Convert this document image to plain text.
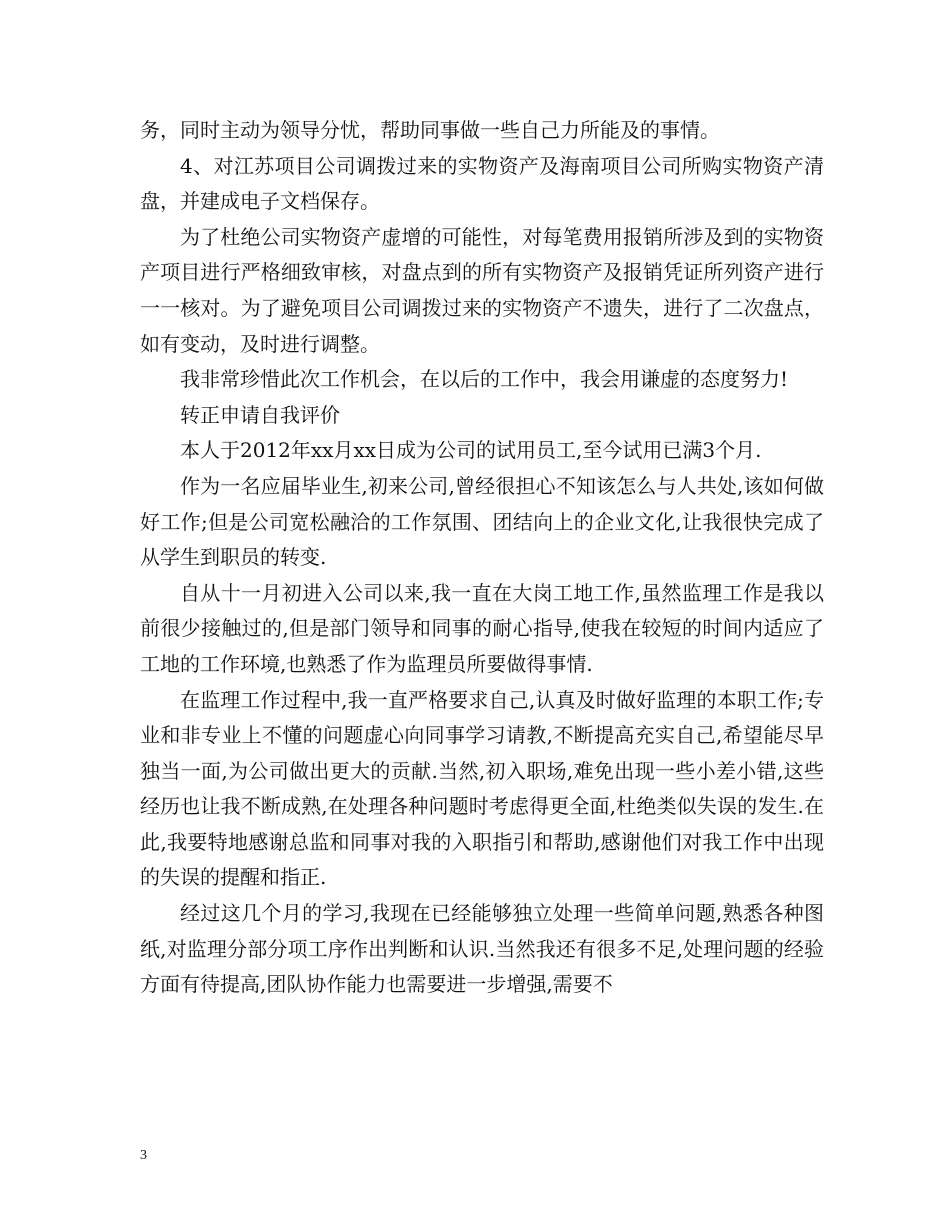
务，同时主动为领导分忧，帮助同事做一些自己力所能及的事情。

4、对江苏项目公司调拨过来的实物资产及海南项目公司所购实物资产清盘，并建成电子文档保存。

为了杜绝公司实物资产虚增的可能性，对每笔费用报销所涉及到的实物资产项目进行严格细致审核，对盘点到的所有实物资产及报销凭证所列资产进行一一核对。为了避免项目公司调拨过来的实物资产不遗失，进行了二次盘点，如有变动，及时进行调整。

我非常珍惜此次工作机会，在以后的工作中，我会用谦虚的态度努力!

转正申请自我评价

本人于2012年xx月xx日成为公司的试用员工,至今试用已满3个月.

作为一名应届毕业生,初来公司,曾经很担心不知该怎么与人共处,该如何做好工作;但是公司宽松融洽的工作氛围、团结向上的企业文化,让我很快完成了从学生到职员的转变.

自从十一月初进入公司以来,我一直在大岗工地工作,虽然监理工作是我以前很少接触过的,但是部门领导和同事的耐心指导,使我在较短的时间内适应了工地的工作环境,也熟悉了作为监理员所要做得事情.

在监理工作过程中,我一直严格要求自己,认真及时做好监理的本职工作;专业和非专业上不懂的问题虚心向同事学习请教,不断提高充实自己,希望能尽早独当一面,为公司做出更大的贡献.当然,初入职场,难免出现一些小差小错,这些经历也让我不断成熟,在处理各种问题时考虑得更全面,杜绝类似失误的发生.在此,我要特地感谢总监和同事对我的入职指引和帮助,感谢他们对我工作中出现的失误的提醒和指正.

经过这几个月的学习,我现在已经能够独立处理一些简单问题,熟悉各种图纸,对监理分部分项工序作出判断和认识.当然我还有很多不足,处理问题的经验方面有待提高,团队协作能力也需要进一步增强,需要不

3
